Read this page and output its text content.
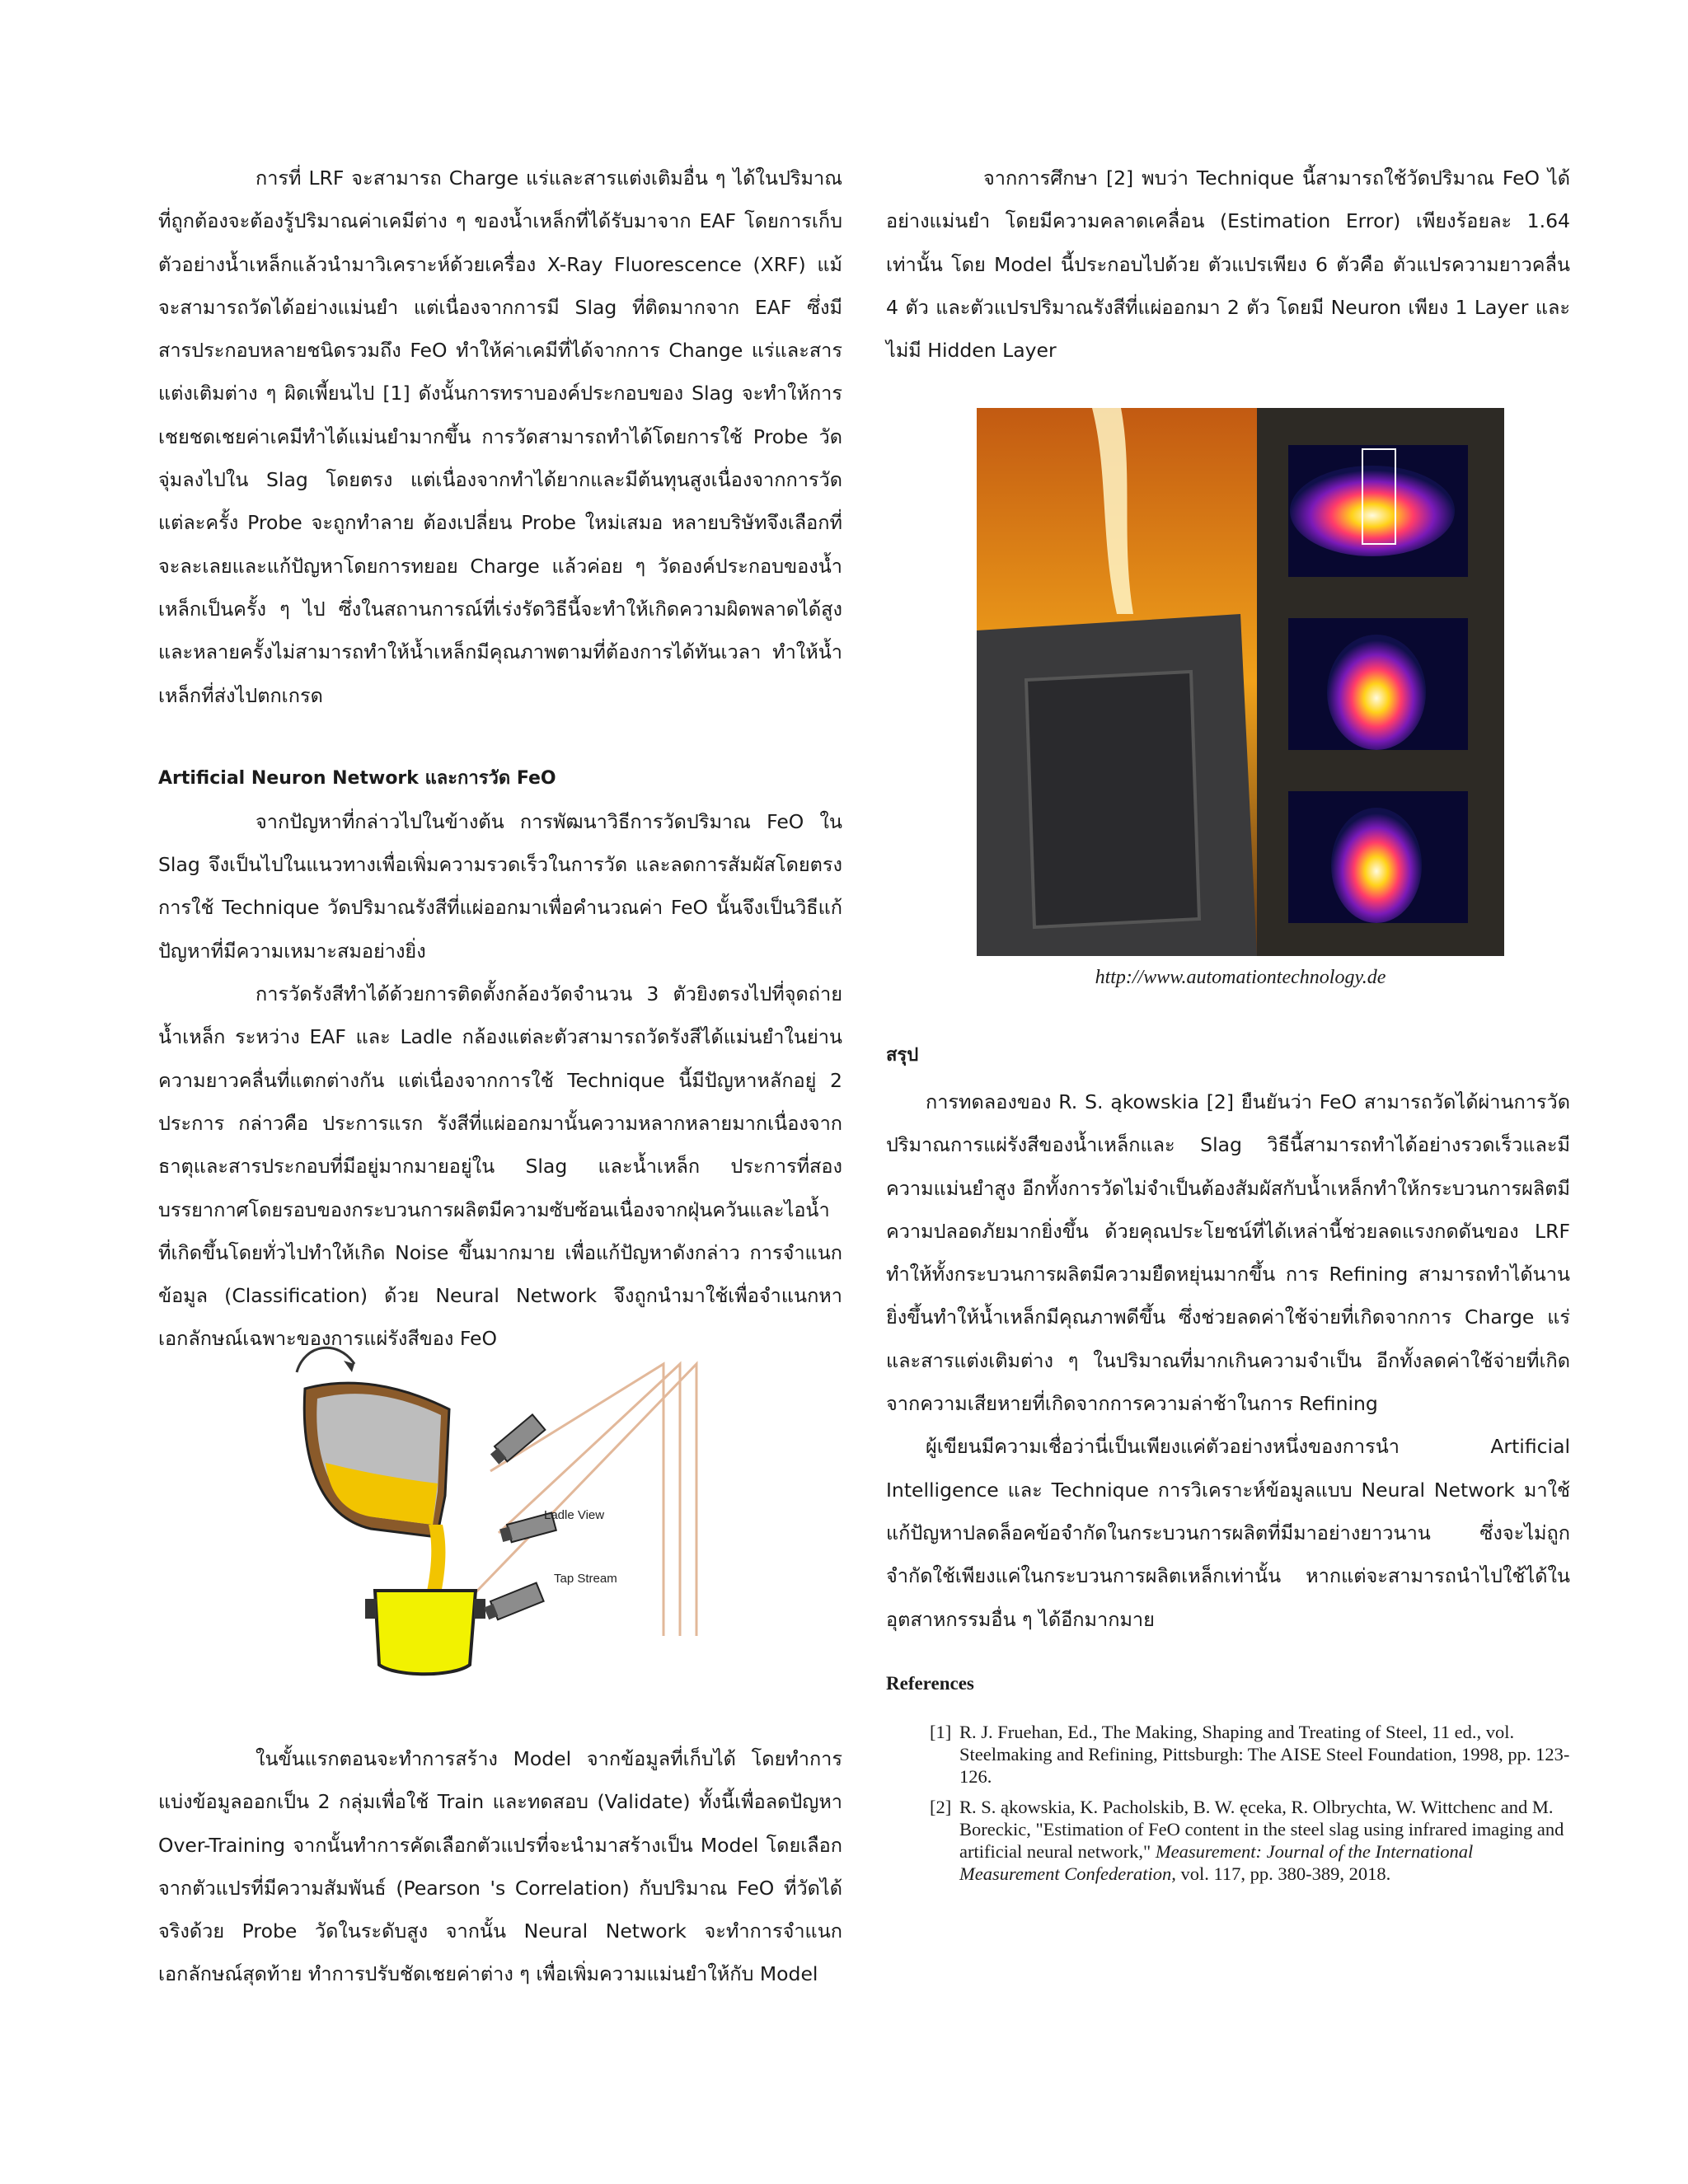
การที่ LRF จะสามารถ Charge แร่และสารแต่งเติมอื่น ๆ ได้ในปริมาณที่ถูกต้องจะต้องรู้ปริมาณค่าเคมีต่าง ๆ ของน้ำเหล็กที่ได้รับมาจาก EAF โดยการเก็บตัวอย่างน้ำเหล็กแล้วนำมาวิเคราะห์ด้วยเครื่อง X-Ray Fluorescence (XRF) แม้จะสามารถวัดได้อย่างแม่นยำ แต่เนื่องจากการมี Slag ที่ติดมากจาก EAF ซึ่งมีสารประกอบหลายชนิดรวมถึง FeO ทำให้ค่าเคมีที่ได้จากการ Change แร่และสารแต่งเติมต่าง ๆ ผิดเพี้ยนไป [1] ดังนั้นการทราบองค์ประกอบของ Slag จะทำให้การเชยชดเชยค่าเคมีทำได้แม่นยำมากขึ้น การวัดสามารถทำได้โดยการใช้ Probe วัดจุ่มลงไปใน Slag โดยตรง แต่เนื่องจากทำได้ยากและมีต้นทุนสูงเนื่องจากการวัดแต่ละครั้ง Probe จะถูกทำลาย ต้องเปลี่ยน Probe ใหม่เสมอ หลายบริษัทจึงเลือกที่จะละเลยและแก้ปัญหาโดยการทยอย Charge แล้วค่อย ๆ วัดองค์ประกอบของน้ำเหล็กเป็นครั้ง ๆ ไป ซึ่งในสถานการณ์ที่เร่งรัดวิธีนี้จะทำให้เกิดความผิดพลาดได้สูง และหลายครั้งไม่สามารถทำให้น้ำเหล็กมีคุณภาพตามที่ต้องการได้ทันเวลา ทำให้น้ำเหล็กที่ส่งไปตกเกรด

Artificial Neuron Network และการวัด FeO

จากปัญหาที่กล่าวไปในข้างต้น การพัฒนาวิธีการวัดปริมาณ FeO ใน Slag จึงเป็นไปในแนวทางเพื่อเพิ่มความรวดเร็วในการวัด และลดการสัมผัสโดยตรง การใช้ Technique วัดปริมาณรังสีที่แผ่ออกมาเพื่อคำนวณค่า FeO นั้นจึงเป็นวิธีแก้ปัญหาที่มีความเหมาะสมอย่างยิ่ง

การวัดรังสีทำได้ด้วยการติดตั้งกล้องวัดจำนวน 3 ตัวยิงตรงไปที่จุดถ่ายน้ำเหล็ก ระหว่าง EAF และ Ladle กล้องแต่ละตัวสามารถวัดรังสีได้แม่นยำในย่านความยาวคลื่นที่แตกต่างกัน แต่เนื่องจากการใช้ Technique นี้มีปัญหาหลักอยู่ 2 ประการ กล่าวคือ ประการแรก รังสีที่แผ่ออกมานั้นความหลากหลายมากเนื่องจากธาตุและสารประกอบที่มีอยู่มากมายอยู่ใน Slag และน้ำเหล็ก ประการที่สอง บรรยากาศโดยรอบของกระบวนการผลิตมีความซับซ้อนเนื่องจากฝุ่นควันและไอน้ำที่เกิดขึ้นโดยทั่วไปทำให้เกิด Noise ขึ้นมากมาย เพื่อแก้ปัญหาดังกล่าว การจำแนกข้อมูล (Classification) ด้วย Neural Network จึงถูกนำมาใช้เพื่อจำแนกหาเอกลักษณ์เฉพาะของการแผ่รังสีของ FeO

Ladle View
Tap Stream

ในขั้นแรกตอนจะทำการสร้าง Model จากข้อมูลที่เก็บได้ โดยทำการแบ่งข้อมูลออกเป็น 2 กลุ่มเพื่อใช้ Train และทดสอบ (Validate) ทั้งนี้เพื่อลดปัญหา Over-Training จากนั้นทำการคัดเลือกตัวแปรที่จะนำมาสร้างเป็น Model โดยเลือกจากตัวแปรที่มีความสัมพันธ์ (Pearson 's Correlation) กับปริมาณ FeO ที่วัดได้จริงด้วย Probe วัดในระดับสูง จากนั้น Neural Network จะทำการจำแนกเอกลักษณ์สุดท้าย ทำการปรับชัดเชยค่าต่าง ๆ เพื่อเพิ่มความแม่นยำให้กับ Model

จากการศึกษา [2] พบว่า Technique นี้สามารถใช้วัดปริมาณ FeO ได้อย่างแม่นยำ โดยมีความคลาดเคลื่อน (Estimation Error) เพียงร้อยละ 1.64 เท่านั้น โดย Model นี้ประกอบไปด้วย ตัวแปรเพียง 6 ตัวคือ ตัวแปรความยาวคลื่น 4 ตัว และตัวแปรปริมาณรังสีที่แผ่ออกมา 2 ตัว โดยมี Neuron เพียง 1 Layer และไม่มี Hidden Layer

http://www.automationtechnology.de

สรุป

การทดลองของ R. S. ąkowskia [2] ยืนยันว่า FeO สามารถวัดได้ผ่านการวัดปริมาณการแผ่รังสีของน้ำเหล็กและ Slag วิธีนี้สามารถทำได้อย่างรวดเร็วและมีความแม่นยำสูง อีกทั้งการวัดไม่จำเป็นต้องสัมผัสกับน้ำเหล็กทำให้กระบวนการผลิตมีความปลอดภัยมากยิ่งขึ้น ด้วยคุณประโยชน์ที่ได้เหล่านี้ช่วยลดแรงกดดันของ LRF ทำให้ทั้งกระบวนการผลิตมีความยืดหยุ่นมากขึ้น การ Refining สามารถทำได้นานยิ่งขึ้นทำให้น้ำเหล็กมีคุณภาพดีขึ้น ซึ่งช่วยลดค่าใช้จ่ายที่เกิดจากการ Charge แร่และสารแต่งเติมต่าง ๆ ในปริมาณที่มากเกินความจำเป็น อีกทั้งลดค่าใช้จ่ายที่เกิดจากความเสียหายที่เกิดจากการความล่าช้าในการ Refining

ผู้เขียนมีความเชื่อว่านี่เป็นเพียงแค่ตัวอย่างหนึ่งของการนำ Artificial Intelligence และ Technique การวิเคราะห์ข้อมูลแบบ Neural Network มาใช้แก้ปัญหาปลดล็อคข้อจำกัดในกระบวนการผลิตที่มีมาอย่างยาวนาน ซึ่งจะไม่ถูกจำกัดใช้เพียงแค่ในกระบวนการผลิตเหล็กเท่านั้น หากแต่จะสามารถนำไปใช้ได้ในอุตสาหกรรมอื่น ๆ ได้อีกมากมาย

References

[1] R. J. Fruehan, Ed., The Making, Shaping and Treating of Steel, 11 ed., vol. Steelmaking and Refining, Pittsburgh: The AISE Steel Foundation, 1998, pp. 123-126.
[2] R. S. ąkowskia, K. Pacholskib, B. W. ęceka, R. Olbrychta, W. Wittchenc and M. Boreckic, "Estimation of FeO content in the steel slag using infrared imaging and artificial neural network," Measurement: Journal of the International Measurement Confederation, vol. 117, pp. 380-389, 2018.
